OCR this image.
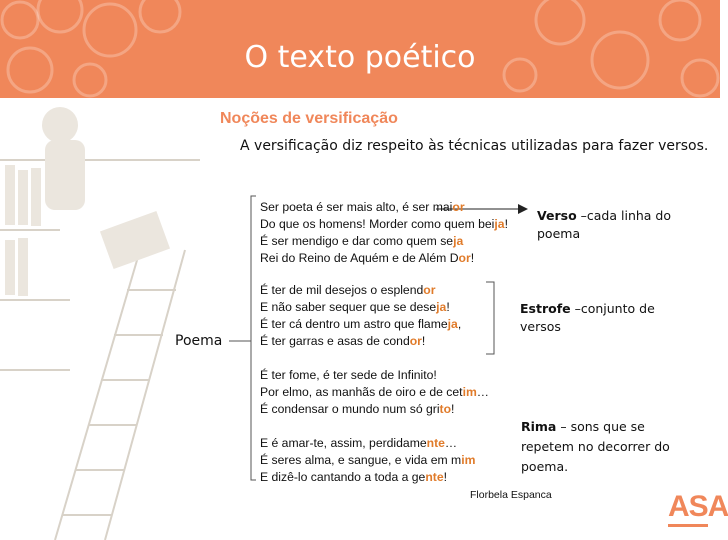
O texto poético
Noções de versificação
A versificação diz respeito às técnicas utilizadas para fazer versos.
Poema
Ser poeta é ser mais alto, é ser maior
Do que os homens! Morder como quem beija!
É ser mendigo e dar como quem seja
Rei do Reino de Aquém e de Além Dor!
É ter de mil desejos o esplendor
E não saber sequer que se deseja!
É ter cá dentro um astro que flameja,
É ter garras e asas de condor!
É ter fome, é ter sede de Infinito!
Por elmo, as manhãs de oiro e de cetim…
É condensar o mundo num só grito!
E é amar-te, assim, perdidamente…
É seres alma, e sangue, e vida em mim
E dizê-lo cantando a toda a gente!
Verso –cada linha do poema
Estrofe –conjunto de versos
Rima – sons que se repetem no decorrer do poema.
Florbela Espanca	ASA
